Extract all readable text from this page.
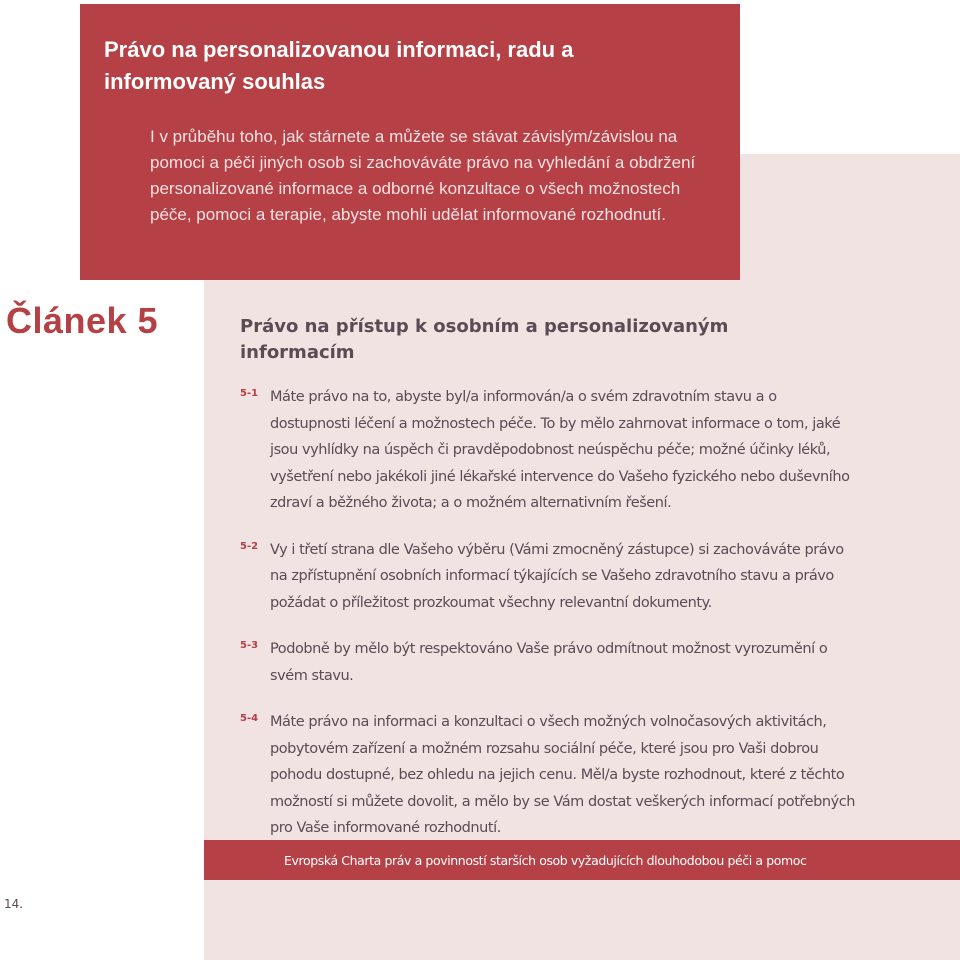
Právo na personalizovanou informaci, radu a informovaný souhlas
I v průběhu toho, jak stárnete a můžete se stávat závislým/závislou na pomoci a péči jiných osob si zachováváte právo na vyhledání a obdržení personalizované informace a odborné konzultace o všech možnostech péče, pomoci a terapie, abyste mohli udělat informované rozhodnutí.
Článek 5	Právo na přístup k osobním a personalizovaným informacím
5-1 Máte právo na to, abyste byl/a informován/a o svém zdravotním stavu a o dostupnosti léčení a možnostech péče. To by mělo zahrnovat informace o tom, jaké jsou vyhlídky na úspěch či pravděpodobnost neúspěchu péče; možné účinky léků, vyšetření nebo jakékoli jiné lékařské intervence do Vašeho fyzického nebo duševního zdraví a běžného života; a o možném alternativním řešení.
5-2 Vy i třetí strana dle Vašeho výběru (Vámi zmocněný zástupce) si zachováváte právo na zpřístupnění osobních informací týkajících se Vašeho zdravotního stavu a právo požádat o příležitost prozkoumat všechny relevantní dokumenty.
5-3 Podobně by mělo být respektováno Vaše právo odmítnout možnost vyrozumění o svém stavu.
5-4 Máte právo na informaci a konzultaci o všech možných volnočasových aktivitách, pobytovém zařízení a možném rozsahu sociální péče, které jsou pro Vaši dobrou pohodu dostupné, bez ohledu na jejich cenu. Měl/a byste rozhodnout, které z těchto možností si můžete dovolit, a mělo by se Vám dostat veškerých informací potřebných pro Vaše informované rozhodnutí.
Evropská Charta práv a povinností starších osob vyžadujících dlouhodobou péči a pomoc
14.
